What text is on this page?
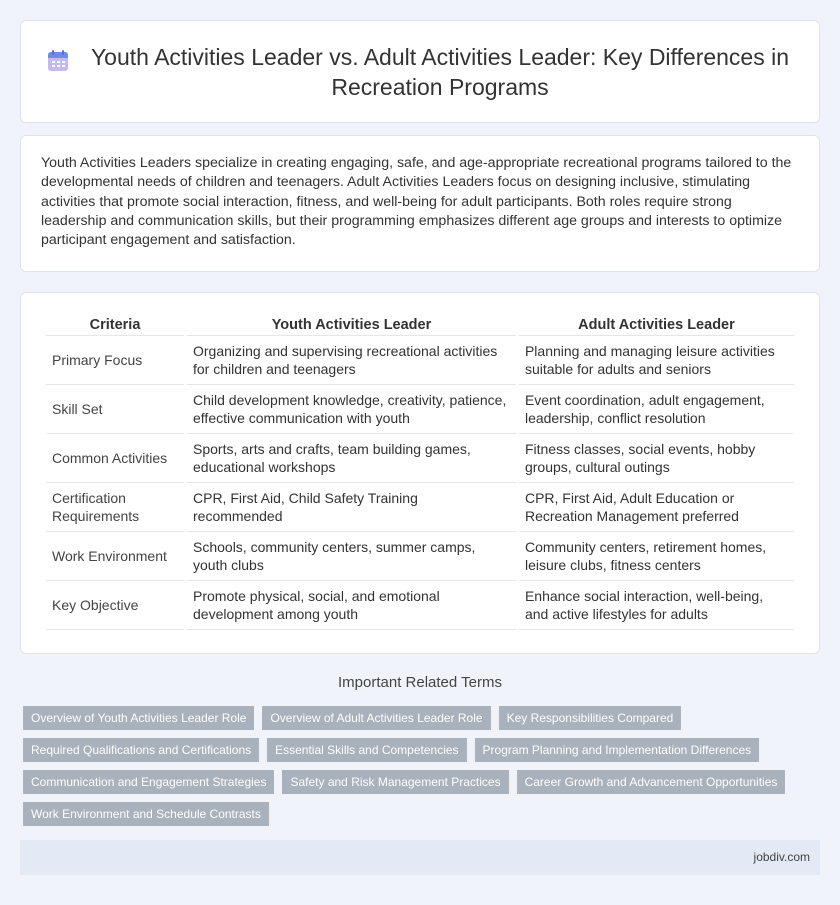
Youth Activities Leader vs. Adult Activities Leader: Key Differences in Recreation Programs

Youth Activities Leaders specialize in creating engaging, safe, and age-appropriate recreational programs tailored to the developmental needs of children and teenagers. Adult Activities Leaders focus on designing inclusive, stimulating activities that promote social interaction, fitness, and well-being for adult participants. Both roles require strong leadership and communication skills, but their programming emphasizes different age groups and interests to optimize participant engagement and satisfaction.

Criteria	Youth Activities Leader	Adult Activities Leader
Primary Focus	Organizing and supervising recreational activities for children and teenagers	Planning and managing leisure activities suitable for adults and seniors
Skill Set	Child development knowledge, creativity, patience, effective communication with youth	Event coordination, adult engagement, leadership, conflict resolution
Common Activities	Sports, arts and crafts, team building games, educational workshops	Fitness classes, social events, hobby groups, cultural outings
Certification Requirements	CPR, First Aid, Child Safety Training recommended	CPR, First Aid, Adult Education or Recreation Management preferred
Work Environment	Schools, community centers, summer camps, youth clubs	Community centers, retirement homes, leisure clubs, fitness centers
Key Objective	Promote physical, social, and emotional development among youth	Enhance social interaction, well-being, and active lifestyles for adults
Important Related Terms
Overview of Youth Activities Leader Role	Overview of Adult Activities Leader Role	Key Responsibilities Compared
Required Qualifications and Certifications	Essential Skills and Competencies	Program Planning and Implementation Differences
Communication and Engagement Strategies	Safety and Risk Management Practices	Career Growth and Advancement Opportunities
Work Environment and Schedule Contrasts
jobdiv.com
